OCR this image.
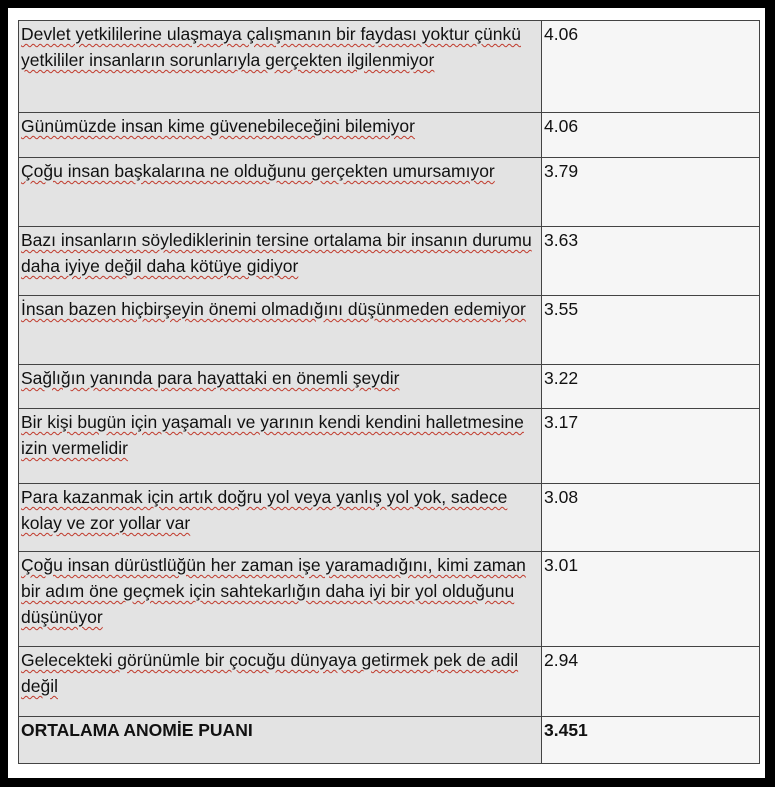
Devlet yetkililerine ulaşmaya çalışmanın bir faydası yoktur çünkü yetkililer insanların sorunlarıyla gerçekten ilgilenmiyor	4.06
Günümüzde insan kime güvenebileceğini bilemiyor	4.06
Çoğu insan başkalarına ne olduğunu gerçekten umursamıyor	3.79
Bazı insanların söylediklerinin tersine ortalama bir insanın durumu daha iyiye değil daha kötüye gidiyor	3.63
İnsan bazen hiçbirşeyin önemi olmadığını düşünmeden edemiyor	3.55
Sağlığın yanında para hayattaki en önemli şeydir	3.22
Bir kişi bugün için yaşamalı ve yarının kendi kendini halletmesine izin vermelidir	3.17
Para kazanmak için artık doğru yol veya yanlış yol yok, sadece kolay ve zor yollar var	3.08
Çoğu insan dürüstlüğün her zaman işe yaramadığını, kimi zaman bir adım öne geçmek için sahtekarlığın daha iyi bir yol olduğunu düşünüyor	3.01
Gelecekteki görünümle bir çocuğu dünyaya getirmek pek de adil değil	2.94
ORTALAMA ANOMİE PUANI	3.451
